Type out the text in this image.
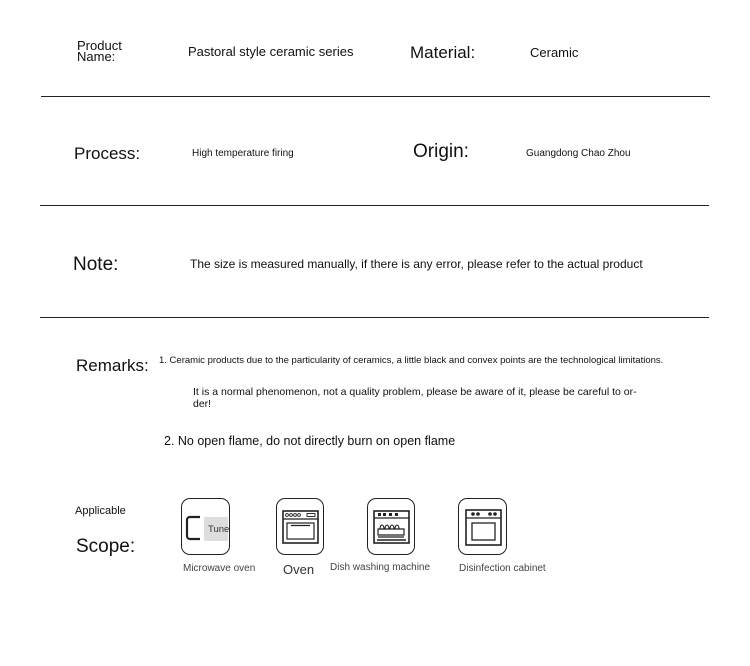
Product Name:	Pastoral style ceramic series	Material:	Ceramic
Process:	High temperature firing	Origin:	Guangdong Chao Zhou
Note:	The size is measured manually, if there is any error, please refer to the actual product
Remarks: 1. Ceramic products due to the particularity of ceramics, a little black and convex points are the technological limitations.
It is a normal phenomenon, not a quality problem, please be aware of it, please be careful to or-
der!
2. No open flame, do not directly burn on open flame
Applicable
Scope:
Tune
Microwave oven Oven Dish washing machine	Disinfection cabinet
